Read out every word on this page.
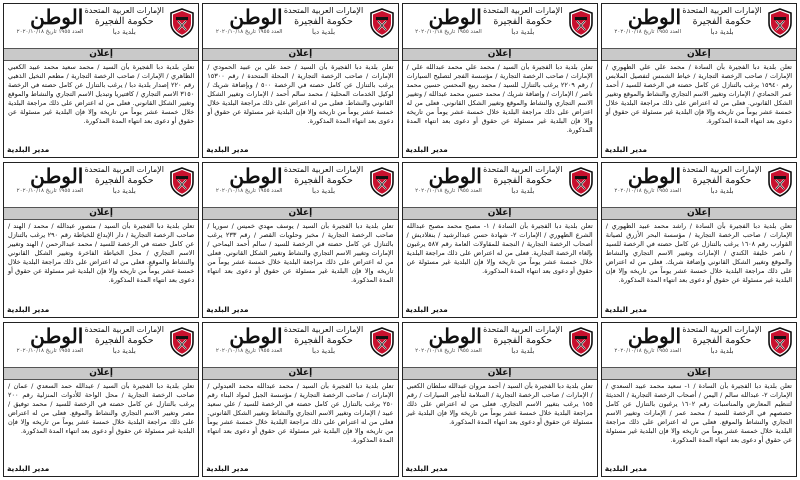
الإمارات العربية المتحدة
حكومة الفجيرة
بلدية دبا
الوطن
العدد ١٩٥٥ تاريخ ٢٠٢٠/١٠/١٨
إعلان
تعلن بلدية دبا الفجيرة بأن السيد / محمد سعيد محمد عبيد الكعبي الظاهري / الإمارات / صاحب الرخصة التجارية / مطعم النخيل الذهبي رقم ٢٢٠ إصدار بلدية دبا / يرغب بالتنازل عن كامل حصته في الرخصة ٣١٥٠ الاسم التجاري / كافتيريا وتبديل الاسم التجاري والنشاط والموقع وتغيير الشكل القانوني. فعلى من له اعتراض على ذلك مراجعة البلدية خلال خمسة عشر يوماً من تاريخه وإلا فإن البلدية غير مسئولة عن حقوق أو دعوى بعد انتهاء المدة المذكورة.
مدير البلدية
الإمارات العربية المتحدة
حكومة الفجيرة
بلدية دبا
الوطن
العدد ١٩٥٥ تاريخ ٢٠٢٠/١٠/١٨
إعلان
تعلن بلدية دبا الفجيرة بأن السيد / حمد علي بن عبيد الحمودي / الإمارات / صاحب الرخصة التجارية / المحلة المتحدة / رقم ١٥٣٠٠ يرغب بالتنازل عن كامل حصته في الرخصة ٥٠٠ / وبإضافة شريك / لوكيل الخدمات المحلية / محمد سالم أحمد / الإمارات وتغيير الشكل القانوني والنشاط. فعلى من له اعتراض على ذلك مراجعة البلدية خلال خمسة عشر يوماً من تاريخه وإلا فإن البلدية غير مسئولة عن حقوق أو دعوى بعد انتهاء المدة المذكورة.
مدير البلدية
الإمارات العربية المتحدة
حكومة الفجيرة
بلدية دبا
الوطن
العدد ١٩٥٥ تاريخ ٢٠٢٠/١٠/١٨
إعلان
تعلن بلدية دبا الفجيرة بأن السيد / محمد علي محمد عبدالله علي / الإمارات / صاحب الرخصة التجارية / مؤسسة الفجر لتصليح السيارات / رقم ٢٢٠٩ يرغب بالتنازل للسيد / محمد ربيع المحسن حسين محمد ناصر / الإمارات / وإضافة شريك / محمد حسين محمد عبدالله / وتغيير الاسم التجاري والنشاط والموقع وتغيير الشكل القانوني. فعلى من له اعتراض على ذلك مراجعة البلدية خلال خمسة عشر يوماً من تاريخه وإلا فإن البلدية غير مسئولة عن حقوق أو دعوى بعد انتهاء المدة المذكورة.
مدير البلدية
الإمارات العربية المتحدة
حكومة الفجيرة
بلدية دبا
الوطن
العدد ١٩٥٥ تاريخ ٢٠٢٠/١٠/١٨
إعلان
تعلن بلدية دبا الفجيرة بأن السادة / محمد علي علي الظهوري / الإمارات / صاحب الرخصة التجارية / خياط الشمس لتفصيل الملابس رقم ١٥٩٤٠ يرغب بالتنازل عن كامل حصته في الرخصة للسيد / أحمد عمر الحمادي / الإمارات وتغيير الاسم التجاري والنشاط والموقع وتغيير الشكل القانوني. فعلى من له اعتراض على ذلك مراجعة البلدية خلال خمسة عشر يوماً من تاريخه وإلا فإن البلدية غير مسئولة عن حقوق أو دعوى بعد انتهاء المدة المذكورة.
مدير البلدية
الإمارات العربية المتحدة
حكومة الفجيرة
بلدية دبا
الوطن
العدد ١٩٥٥ تاريخ ٢٠٢٠/١٠/١٨
إعلان
تعلن بلدية دبا الفجيرة بأن السيد / منصور عبدالله / محمد / الهند / صاحب الرخصة التجارية / دار الإبداع للخياطة رقم ٢٩٠ يرغب بالتنازل عن كامل حصته في الرخصة للسيد / محمد عبدالرحمن / الهند وتغيير الاسم التجاري / محل الخياطة الفاخرة وتغيير الشكل القانوني والنشاط والموقع. فعلى من له اعتراض على ذلك مراجعة البلدية خلال خمسة عشر يوماً من تاريخه وإلا فإن البلدية غير مسئولة عن حقوق أو دعوى بعد انتهاء المدة المذكورة.
مدير البلدية
الإمارات العربية المتحدة
حكومة الفجيرة
بلدية دبا
الوطن
العدد ١٩٥٥ تاريخ ٢٠٢٠/١٠/١٨
إعلان
تعلن بلدية دبا الفجيرة بأن السيد / يوسف مهدي خميس / سوريا / صاحب الرخصة التجارية / مخبز وحلويات القصر / رقم ٢٣٣ يرغب بالتنازل عن كامل حصته في الرخصة للسيد / سالم أحمد اليماحي / الإمارات وتغيير الاسم التجاري والنشاط وتغيير الشكل القانوني. فعلى من له اعتراض على ذلك مراجعة البلدية خلال خمسة عشر يوماً من تاريخه وإلا فإن البلدية غير مسئولة عن حقوق أو دعوى بعد انتهاء المدة المذكورة.
مدير البلدية
الإمارات العربية المتحدة
حكومة الفجيرة
بلدية دبا
الوطن
العدد ١٩٥٥ تاريخ ٢٠٢٠/١٠/١٨
إعلان
تعلن بلدية دبا الفجيرة بأن السادة / ١- مصبح محمد مصبح عبدالله الشرع الظهوري / الإمارات ٢- شهادة حسن عبدالرشيد / بنغلاديش / أصحاب الرخصة التجارية / النجمة للمقاولات العامة رقم ٥٨٧ يرغبون بإلغاء الرخصة التجارية. فعلى من له اعتراض على ذلك مراجعة البلدية خلال خمسة عشر يوماً من تاريخه وإلا فإن البلدية غير مسئولة عن حقوق أو دعوى بعد انتهاء المدة المذكورة.
مدير البلدية
الإمارات العربية المتحدة
حكومة الفجيرة
بلدية دبا
الوطن
العدد ١٩٥٥ تاريخ ٢٠٢٠/١٠/١٨
إعلان
تعلن بلدية دبا الفجيرة بأن السادة / راشد محمد عبيد الظهوري / الإمارات / صاحب الرخصة التجارية / مؤسسة البحر الأزرق لصيانة القوارب رقم ١٦٠٨ يرغب بالتنازل عن كامل حصته في الرخصة للسيد / ناصر خليفة الكندي / الإمارات وتغيير الاسم التجاري والنشاط والموقع وتغيير الشكل القانوني وإضافة شريك. فعلى من له اعتراض على ذلك مراجعة البلدية خلال خمسة عشر يوماً من تاريخه وإلا فإن البلدية غير مسئولة عن حقوق أو دعوى بعد انتهاء المدة المذكورة.
مدير البلدية
الإمارات العربية المتحدة
حكومة الفجيرة
بلدية دبا
الوطن
العدد ١٩٥٥ تاريخ ٢٠٢٠/١٠/١٨
إعلان
تعلن بلدية دبا الفجيرة بأن السيد / عبدالله حمد السعدي / عمان / صاحب الرخصة التجارية / محل الواحة للأدوات المنزلية رقم ٢٠٠ يرغب بالتنازل عن كامل حصته في الرخصة للسيد / محمد توفيق / مصر وتغيير الاسم التجاري والنشاط والموقع. فعلى من له اعتراض على ذلك مراجعة البلدية خلال خمسة عشر يوماً من تاريخه وإلا فإن البلدية غير مسئولة عن حقوق أو دعوى بعد انتهاء المدة المذكورة.
مدير البلدية
الإمارات العربية المتحدة
حكومة الفجيرة
بلدية دبا
الوطن
العدد ١٩٥٥ تاريخ ٢٠٢٠/١٠/١٨
إعلان
تعلن بلدية دبا الفجيرة بأن السيد / محمد عبدالله محمد العبدولي / الإمارات / صاحب الرخصة التجارية / مؤسسة الجبل لمواد البناء رقم ٢٥٠ يرغب بالتنازل عن كامل حصته في الرخصة للسيد / علي سعيد عبيد / الإمارات وتغيير الاسم التجاري والنشاط وتغيير الشكل القانوني. فعلى من له اعتراض على ذلك مراجعة البلدية خلال خمسة عشر يوماً من تاريخه وإلا فإن البلدية غير مسئولة عن حقوق أو دعوى بعد انتهاء المدة المذكورة.
مدير البلدية
الإمارات العربية المتحدة
حكومة الفجيرة
بلدية دبا
الوطن
العدد ١٩٥٥ تاريخ ٢٠٢٠/١٠/١٨
إعلان
تعلن بلدية دبا الفجيرة بأن السيد / أحمد مروان عبدالله سلطان الكعبي / الإمارات / صاحب الرخصة التجارية / السلامة لتأجير السيارات / رقم ١٥٥ يرغب بتغيير الاسم التجاري. فعلى من له اعتراض على ذلك مراجعة البلدية خلال خمسة عشر يوماً من تاريخه وإلا فإن البلدية غير مسئولة عن حقوق أو دعوى بعد انتهاء المدة المذكورة.
مدير البلدية
الإمارات العربية المتحدة
حكومة الفجيرة
بلدية دبا
الوطن
العدد ١٩٥٥ تاريخ ٢٠٢٠/١٠/١٨
إعلان
تعلن بلدية دبا الفجيرة بأن السادة / ١- سعيد محمد عبيد السعدي / الإمارات ٢- عبدالله سالم / اليمن / أصحاب الرخصة التجارية / الحديثة لتنظيم المعارض والمناسبات رقم ١٦٠٢ يرغبون بالتنازل عن كامل حصصهم في الرخصة للسيد / محمد عمر / الإمارات وتغيير الاسم التجاري والنشاط والموقع. فعلى من له اعتراض على ذلك مراجعة البلدية خلال خمسة عشر يوماً من تاريخه وإلا فإن البلدية غير مسئولة عن حقوق أو دعوى بعد انتهاء المدة المذكورة.
مدير البلدية
